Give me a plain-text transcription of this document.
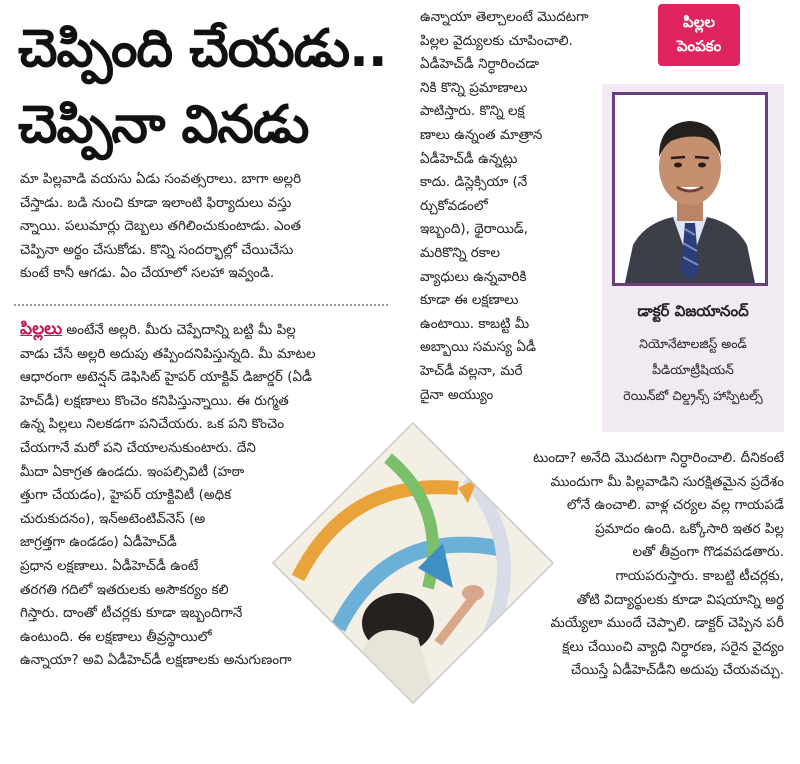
చెప్పింది చేయడు..
చెప్పినా వినడు
పిల్లల
పెంపకం
మా పిల్లవాడి వయసు ఏడు సంవత్సరాలు. బాగా అల్లరి
చేస్తాడు. బడి నుంచి కూడా ఇలాంటి ఫిర్యాదులు వస్తు
న్నాయి. పలుమార్లు దెబ్బలు తగిలించుకుంటాడు. ఎంత
చెప్పినా అర్థం చేసుకోడు. కొన్ని సందర్భాల్లో చేయిచేసు
కుంటే కానీ ఆగడు. ఏం చేయాలో సలహా ఇవ్వండి.
పిల్లలు అంటేనే అల్లరి. మీరు చెప్పేదాన్ని బట్టి మీ పిల్ల
వాడు చేసే అల్లరి అదుపు తప్పిందనిపిస్తున్నది. మీ మాటల
ఆధారంగా అటెన్షన్ డెఫిసిట్ హైపర్ యాక్టివ్ డిజార్డర్ (ఏడీ
హెచ్‌డీ) లక్షణాలు కొంచెం కనిపిస్తున్నాయి. ఈ రుగ్మత
ఉన్న పిల్లలు నిలకడగా పనిచేయరు. ఒక పని కొంచెం
చేయగానే మరో పని చేయాలనుకుంటారు. దేని
మీదా ఏకాగ్రత ఉండదు. ఇంపల్సివిటీ (హఠా
త్తుగా చేయడం), హైపర్ యాక్టివిటీ (అధిక
చురుకుదనం), ఇన్‌అటెంటివ్‌నెస్ (అ
జాగ్రత్తగా ఉండడం) ఏడీహెచ్‌డీ
ప్రధాన లక్షణాలు. ఏడీహెచ్‌డీ ఉంటే
తరగతి గదిలో ఇతరులకు అసౌకర్యం కలి
గిస్తారు. దాంతో టీచర్లకు కూడా ఇబ్బందిగానే
ఉంటుంది. ఈ లక్షణాలు తీవ్రస్థాయిలో
ఉన్నాయా? అవి ఏడీహెచ్‌డీ లక్షణాలకు అనుగుణంగా
ఉన్నాయా తెల్చాలంటే మొదటగా
పిల్లల వైద్యులకు చూపించాలి.
ఏడీహెచ్‌డీ నిర్ధారించడా
నికి కొన్ని ప్రమాణాలు
పాటిస్తారు. కొన్ని లక్ష
ణాలు ఉన్నంత మాత్రాన
ఏడీహెచ్‌డీ ఉన్నట్లు
కాదు. డిస్లెక్సియా (నే
ర్చుకోవడంలో
ఇబ్బంది), థైరాయిడ్,
మరికొన్ని రకాల
వ్యాధులు ఉన్నవారికి
కూడా ఈ లక్షణాలు
ఉంటాయి. కాబట్టి మీ
అబ్బాయి సమస్య ఏడీ
హెచ్‌డీ వల్లనా, మరే
దైనా అయ్యుం
డాక్టర్ విజయానంద్
నియోనేటాలజిస్ట్ అండ్
పీడియాట్రీషియన్
రెయిన్‌బో చిల్డ్రన్స్ హాస్పిటల్స్
టుందా? అనేది మొదటగా నిర్ధారించాలి. దీనికంటే
ముందుగా మీ పిల్లవాడిని సురక్షితమైన ప్రదేశం
లోనే ఉంచాలి. వాళ్ల చర్యల వల్ల గాయపడే
ప్రమాదం ఉంది. ఒక్కోసారి ఇతర పిల్ల
లతో తీవ్రంగా గొడవపడతారు.
గాయపరుస్తారు. కాబట్టి టీచర్లకు,
తోటి విద్యార్థులకు కూడా విషయాన్ని అర్థ
మయ్యేలా ముందే చెప్పాలి. డాక్టర్ చెప్పిన పరీ
క్షలు చేయించి వ్యాధి నిర్ధారణ, సరైన వైద్యం
చేయిస్తే ఏడీహెచ్‌డీని అదుపు చేయవచ్చు.
